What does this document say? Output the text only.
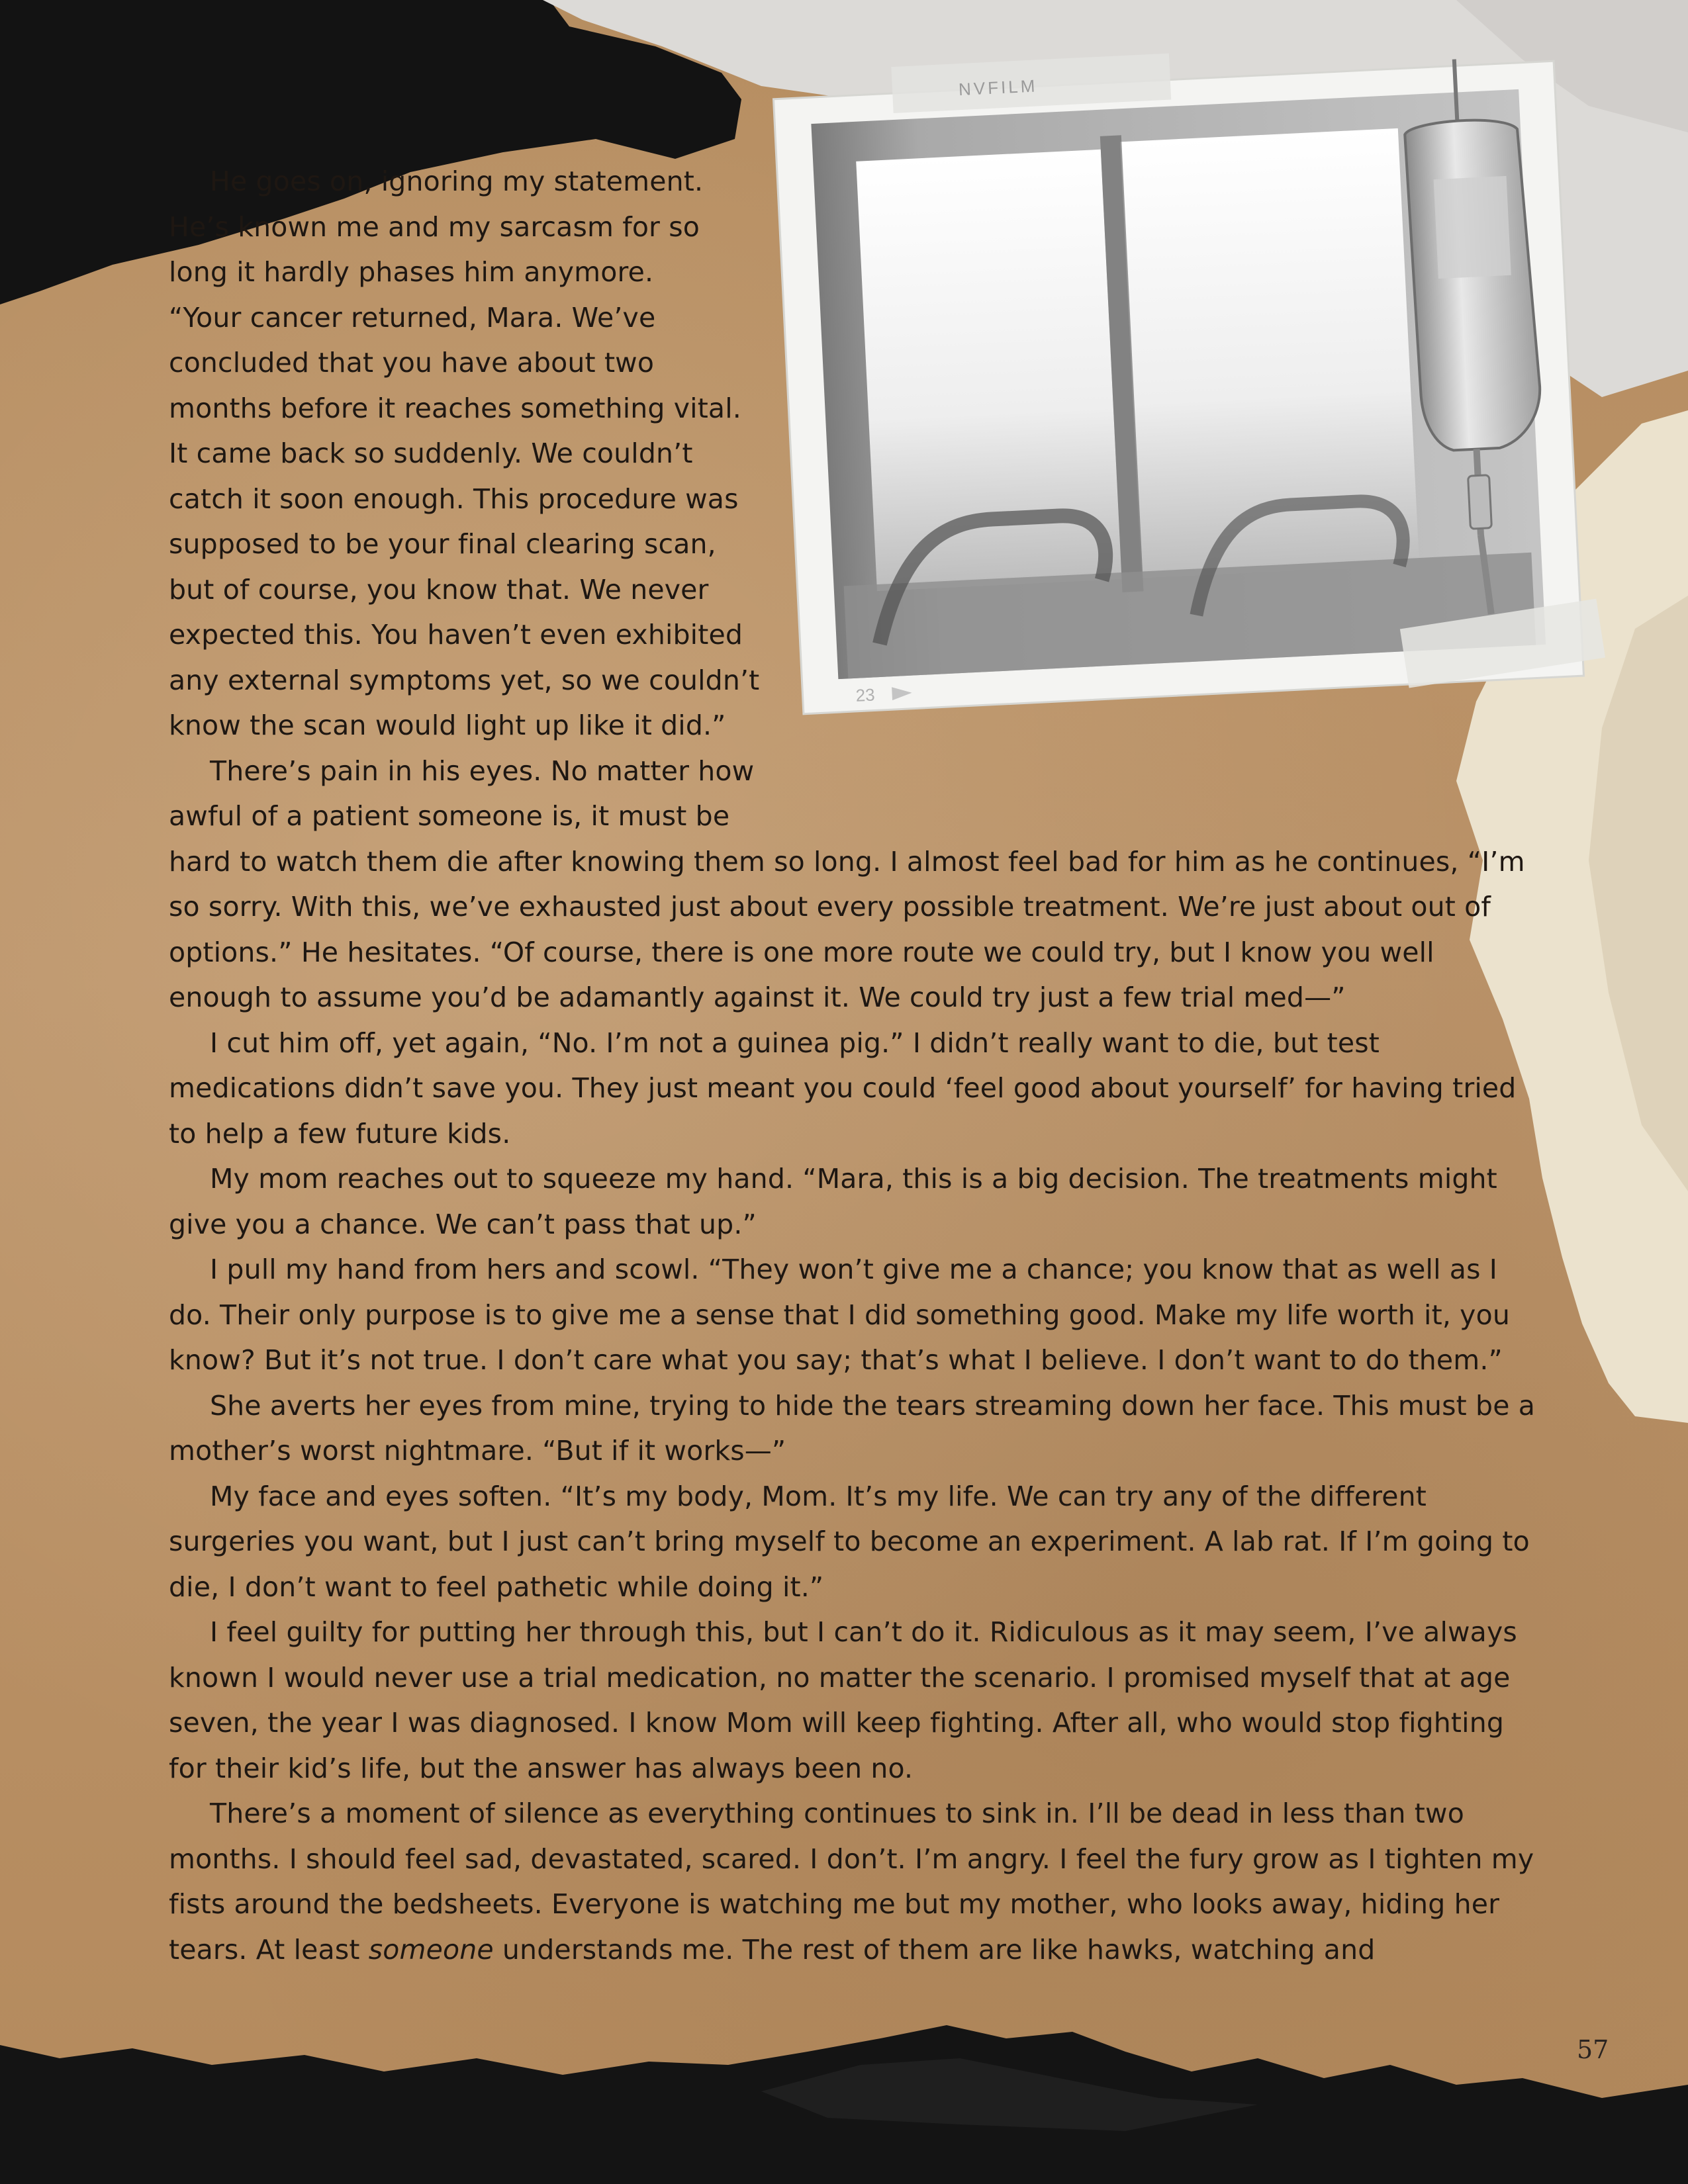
NVFILM
23

He goes on, ignoring my statement.

He’s known me and my sarcasm for so

long it hardly phases him anymore.

“Your cancer returned, Mara. We’ve

concluded that you have about two

months before it reaches something vital.

It came back so suddenly. We couldn’t

catch it soon enough. This procedure was

supposed to be your final clearing scan,

but of course, you know that. We never

expected this. You haven’t even exhibited

any external symptoms yet, so we couldn’t

know the scan would light up like it did.”

There’s pain in his eyes. No matter how

awful of a patient someone is, it must be

hard to watch them die after knowing them so long. I almost feel bad for him as he continues, “I’m so sorry. With this, we’ve exhausted just about every possible treatment. We’re just about out of options.” He hesitates. “Of course, there is one more route we could try, but I know you well enough to assume you’d be adamantly against it. We could try just a few trial med—”

I cut him off, yet again, “No. I’m not a guinea pig.” I didn’t really want to die, but test medications didn’t save you. They just meant you could ‘feel good about yourself’ for having tried to help a few future kids.

My mom reaches out to squeeze my hand. “Mara, this is a big decision. The treatments might give you a chance. We can’t pass that up.”

I pull my hand from hers and scowl. “They won’t give me a chance; you know that as well as I do. Their only purpose is to give me a sense that I did something good. Make my life worth it, you know? But it’s not true. I don’t care what you say; that’s what I believe. I don’t want to do them.”

She averts her eyes from mine, trying to hide the tears streaming down her face. This must be a mother’s worst nightmare. “But if it works—”

My face and eyes soften. “It’s my body, Mom. It’s my life. We can try any of the different surgeries you want, but I just can’t bring myself to become an experiment. A lab rat. If I’m going to die, I don’t want to feel pathetic while doing it.”

I feel guilty for putting her through this, but I can’t do it. Ridiculous as it may seem, I’ve always known I would never use a trial medication, no matter the scenario. I promised myself that at age seven, the year I was diagnosed. I know Mom will keep fighting. After all, who would stop fighting for their kid’s life, but the answer has always been no.

There’s a moment of silence as everything continues to sink in. I’ll be dead in less than two months. I should feel sad, devastated, scared. I don’t. I’m angry. I feel the fury grow as I tighten my fists around the bedsheets. Everyone is watching me but my mother, who looks away, hiding her tears. At least someone understands me. The rest of them are like hawks, watching and

57
